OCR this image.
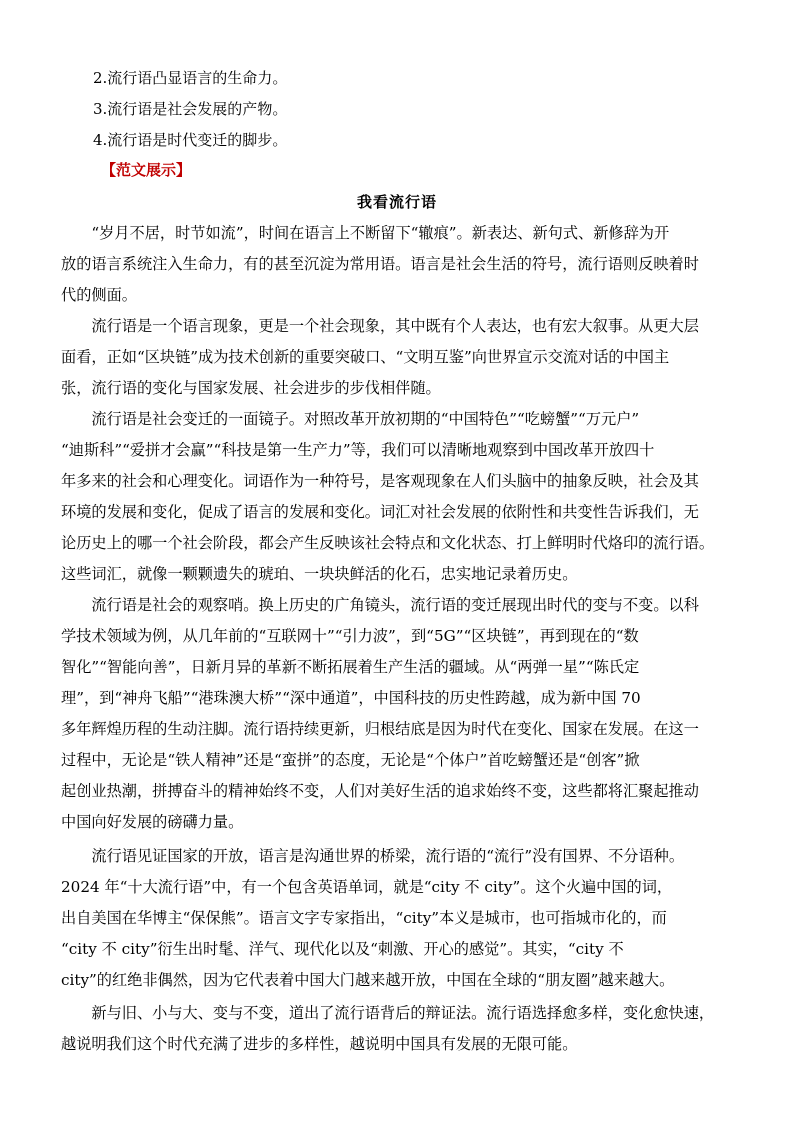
2.流行语凸显语言的生命力。
3.流行语是社会发展的产物。
4.流行语是时代变迁的脚步。
【范文展示】
我看流行语
　　“岁月不居，时节如流”，时间在语言上不断留下“辙痕”。新表达、新句式、新修辞为开
放的语言系统注入生命力，有的甚至沉淀为常用语。语言是社会生活的符号，流行语则反映着时
代的侧面。
　　流行语是一个语言现象，更是一个社会现象，其中既有个人表达，也有宏大叙事。从更大层
面看，正如“区块链”成为技术创新的重要突破口、“文明互鉴”向世界宣示交流对话的中国主
张，流行语的变化与国家发展、社会进步的步伐相伴随。
　　流行语是社会变迁的一面镜子。对照改革开放初期的“中国特色”“吃螃蟹”“万元户”
“迪斯科”“爱拼才会赢”“科技是第一生产力”等，我们可以清晰地观察到中国改革开放四十
年多来的社会和心理变化。词语作为一种符号，是客观现象在人们头脑中的抽象反映，社会及其
环境的发展和变化，促成了语言的发展和变化。词汇对社会发展的依附性和共变性告诉我们，无
论历史上的哪一个社会阶段，都会产生反映该社会特点和文化状态、打上鲜明时代烙印的流行语。
这些词汇，就像一颗颗遗失的琥珀、一块块鲜活的化石，忠实地记录着历史。
　　流行语是社会的观察哨。换上历史的广角镜头，流行语的变迁展现出时代的变与不变。以科
学技术领域为例，从几年前的“互联网十”“引力波”，到“5G”“区块链”，再到现在的“数
智化”“智能向善”，日新月异的革新不断拓展着生产生活的疆域。从“两弹一星”“陈氏定
理”，到“神舟飞船”“港珠澳大桥”“深中通道”，中国科技的历史性跨越，成为新中国 70
多年辉煌历程的生动注脚。流行语持续更新，归根结底是因为时代在变化、国家在发展。在这一
过程中，无论是“铁人精神”还是“蛮拼”的态度，无论是“个体户”首吃螃蟹还是“创客”掀
起创业热潮，拼搏奋斗的精神始终不变，人们对美好生活的追求始终不变，这些都将汇聚起推动
中国向好发展的磅礴力量。
　　流行语见证国家的开放，语言是沟通世界的桥梁，流行语的“流行”没有国界、不分语种。
2024 年“十大流行语”中，有一个包含英语单词，就是“city 不 city”。这个火遍中国的词，
出自美国在华博主“保保熊”。语言文字专家指出，“city”本义是城市，也可指城市化的，而
“city 不 city”衍生出时髦、洋气、现代化以及“刺激、开心的感觉”。其实，“city 不
city”的红绝非偶然，因为它代表着中国大门越来越开放，中国在全球的“朋友圈”越来越大。
　　新与旧、小与大、变与不变，道出了流行语背后的辩证法。流行语选择愈多样，变化愈快速，
越说明我们这个时代充满了进步的多样性，越说明中国具有发展的无限可能。
